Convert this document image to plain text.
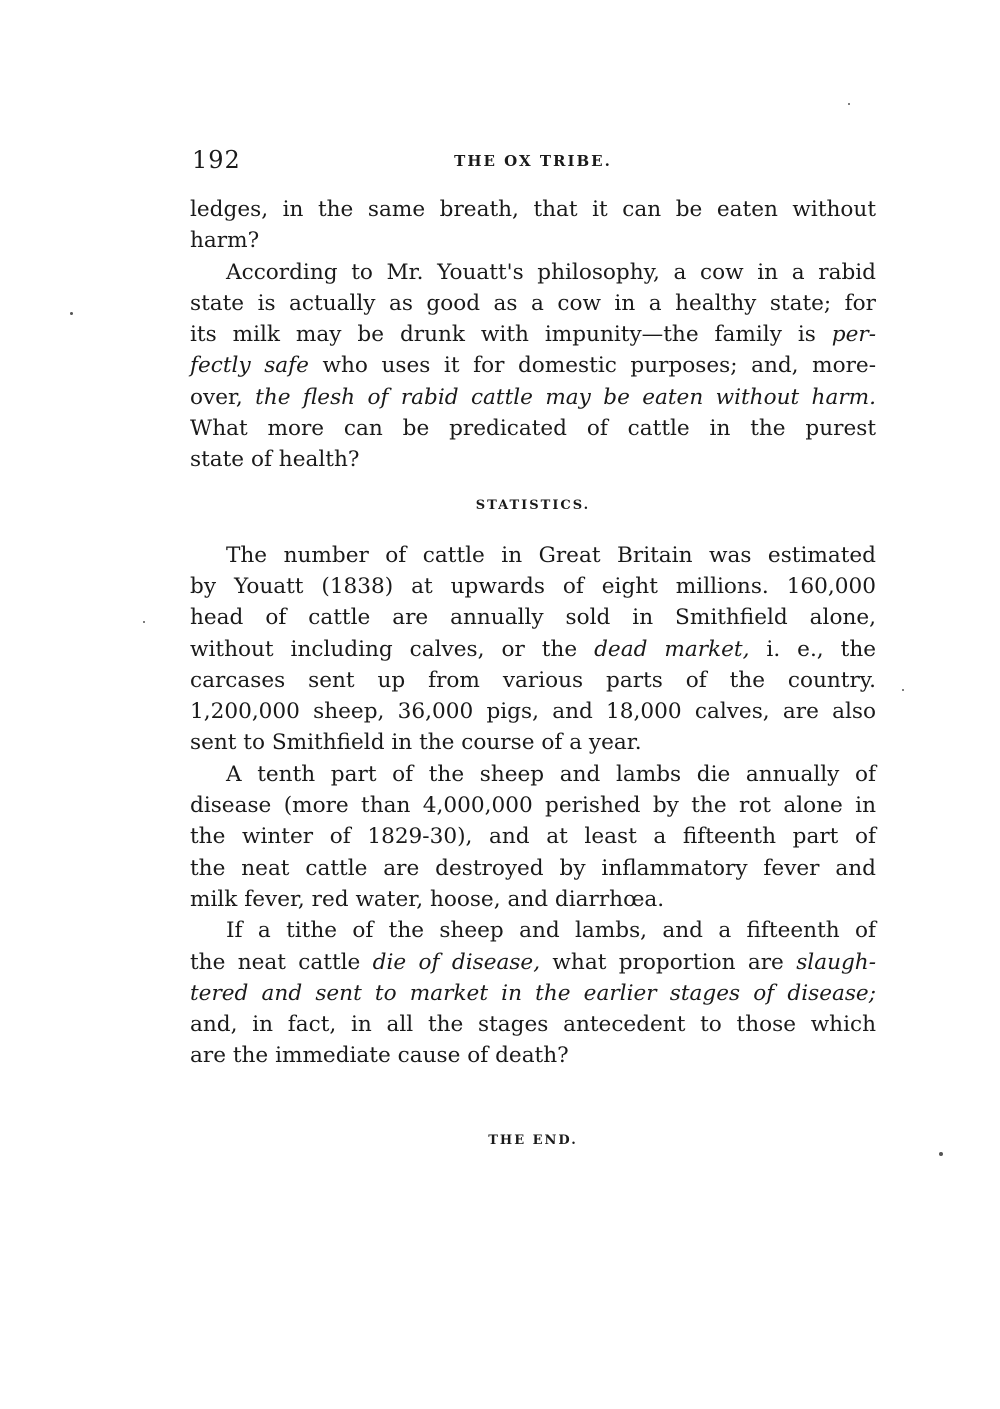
192	THE OX TRIBE.
ledges, in the same breath, that it can be eaten without
harm?
According to Mr. Youatt's philosophy, a cow in a rabid
state is actually as good as a cow in a healthy state; for
its milk may be drunk with impunity—the family is per-
fectly safe who uses it for domestic purposes; and, more-
over, the flesh of rabid cattle may be eaten without harm.
What more can be predicated of cattle in the purest
state of health?
STATISTICS.
The number of cattle in Great Britain was estimated
by Youatt (1838) at upwards of eight millions. 160,000
head of cattle are annually sold in Smithfield alone,
without including calves, or the dead market, i. e., the
carcases sent up from various parts of the country.
1,200,000 sheep, 36,000 pigs, and 18,000 calves, are also
sent to Smithfield in the course of a year.
A tenth part of the sheep and lambs die annually of
disease (more than 4,000,000 perished by the rot alone in
the winter of 1829-30), and at least a fifteenth part of
the neat cattle are destroyed by inflammatory fever and
milk fever, red water, hoose, and diarrhœa.
If a tithe of the sheep and lambs, and a fifteenth of
the neat cattle die of disease, what proportion are slaugh-
tered and sent to market in the earlier stages of disease;
and, in fact, in all the stages antecedent to those which
are the immediate cause of death?
THE END.
